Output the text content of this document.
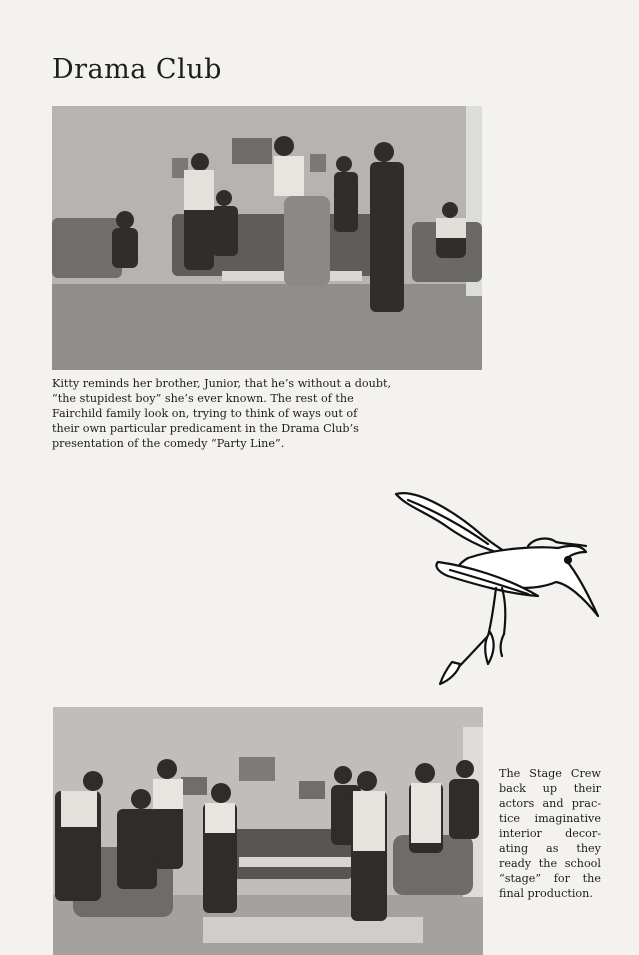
Drama Club
Kitty reminds her brother, Junior, that he’s without a doubt,
“the stupidest boy” she’s ever known. The rest of the
Fairchild family look on, trying to think of ways out of
their own particular predicament in the Drama Club’s
presentation of the comedy “Party Line”.
The Stage Crew
back up their
actors and prac-
tice imaginative
interior decor-
ating as they
ready the school
“stage” for the
final production.
